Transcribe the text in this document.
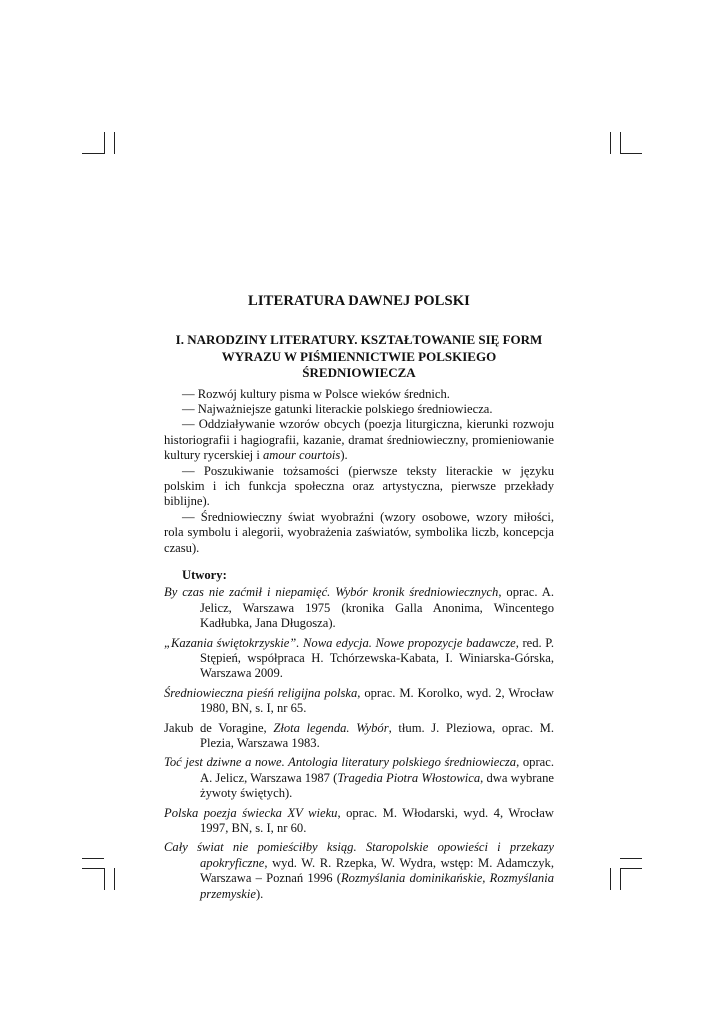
LITERATURA DAWNEJ POLSKI
I. NARODZINY LITERATURY. KSZTAŁTOWANIE SIĘ FORM
WYRAZU W PIŚMIENNICTWIE POLSKIEGO ŚREDNIOWIECZA

— Rozwój kultury pisma w Polsce wieków średnich.

— Najważniejsze gatunki literackie polskiego średniowiecza.

— Oddziaływanie wzorów obcych (poezja liturgiczna, kierunki rozwoju historiografii i hagiografii, kazanie, dramat średniowieczny, promieniowanie kultury rycerskiej i amour courtois).

— Poszukiwanie tożsamości (pierwsze teksty literackie w języku polskim i ich funkcja społeczna oraz artystyczna, pierwsze przekłady biblijne).

— Średniowieczny świat wyobraźni (wzory osobowe, wzory miłości, rola symbolu i alegorii, wyobrażenia zaświatów, symbolika liczb, koncepcja czasu).

Utwory:

By czas nie zaćmił i niepamięć. Wybór kronik średniowiecznych, oprac. A. Jelicz, Warszawa 1975 (kronika Galla Anonima, Wincentego Kadłubka, Jana Długosza).

„Kazania świętokrzyskie”. Nowa edycja. Nowe propozycje badawcze, red. P. Stępień, współpraca H. Tchórzewska-Kabata, I. Winiarska-Górska, Warszawa 2009.

Średniowieczna pieśń religijna polska, oprac. M. Korolko, wyd. 2, Wrocław 1980, BN, s. I, nr 65.

Jakub de Voragine, Złota legenda. Wybór, tłum. J. Pleziowa, oprac. M. Plezia, Warszawa 1983.

Toć jest dziwne a nowe. Antologia literatury polskiego średniowiecza, oprac. A. Jelicz, Warszawa 1987 (Tragedia Piotra Włostowica, dwa wybrane żywoty świętych).

Polska poezja świecka XV wieku, oprac. M. Włodarski, wyd. 4, Wrocław 1997, BN, s. I, nr 60.

Cały świat nie pomieściłby ksiąg. Staropolskie opowieści i przekazy apokryficzne, wyd. W. R. Rzepka, W. Wydra, wstęp: M. Adamczyk, Warszawa – Poznań 1996 (Rozmyślania dominikańskie, Rozmyślania przemyskie).
